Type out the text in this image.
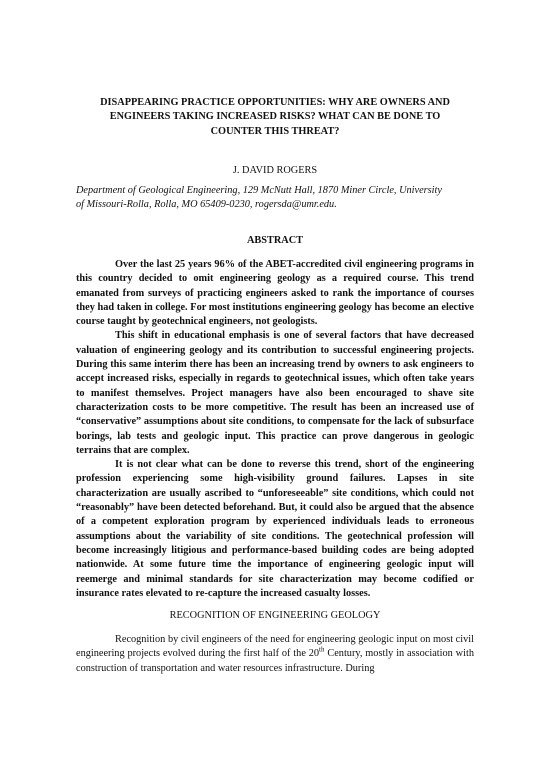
DISAPPEARING PRACTICE OPPORTUNITIES: WHY ARE OWNERS AND
ENGINEERS TAKING INCREASED RISKS? WHAT CAN BE DONE TO
COUNTER THIS THREAT?
J. DAVID ROGERS
Department of Geological Engineering, 129 McNutt Hall, 1870 Miner Circle, University
of Missouri-Rolla, Rolla, MO 65409-0230, rogersda@umr.edu.
ABSTRACT

Over the last 25 years 96% of the ABET-accredited civil engineering programs in this country decided to omit engineering geology as a required course. This trend emanated from surveys of practicing engineers asked to rank the importance of courses they had taken in college. For most institutions engineering geology has become an elective course taught by geotechnical engineers, not geologists.

This shift in educational emphasis is one of several factors that have decreased valuation of engineering geology and its contribution to successful engineering projects. During this same interim there has been an increasing trend by owners to ask engineers to accept increased risks, especially in regards to geotechnical issues, which often take years to manifest themselves. Project managers have also been encouraged to shave site characterization costs to be more competitive. The result has been an increased use of “conservative” assumptions about site conditions, to compensate for the lack of subsurface borings, lab tests and geologic input. This practice can prove dangerous in geologic terrains that are complex.

It is not clear what can be done to reverse this trend, short of the engineering profession experiencing some high-visibility ground failures. Lapses in site characterization are usually ascribed to “unforeseeable” site conditions, which could not “reasonably” have been detected beforehand. But, it could also be argued that the absence of a competent exploration program by experienced individuals leads to erroneous assumptions about the variability of site conditions. The geotechnical profession will become increasingly litigious and performance-based building codes are being adopted nationwide. At some future time the importance of engineering geologic input will reemerge and minimal standards for site characterization may become codified or insurance rates elevated to re-capture the increased casualty losses.

RECOGNITION OF ENGINEERING GEOLOGY

Recognition by civil engineers of the need for engineering geologic input on most civil engineering projects evolved during the first half of the 20th Century, mostly in association with construction of transportation and water resources infrastructure. During
